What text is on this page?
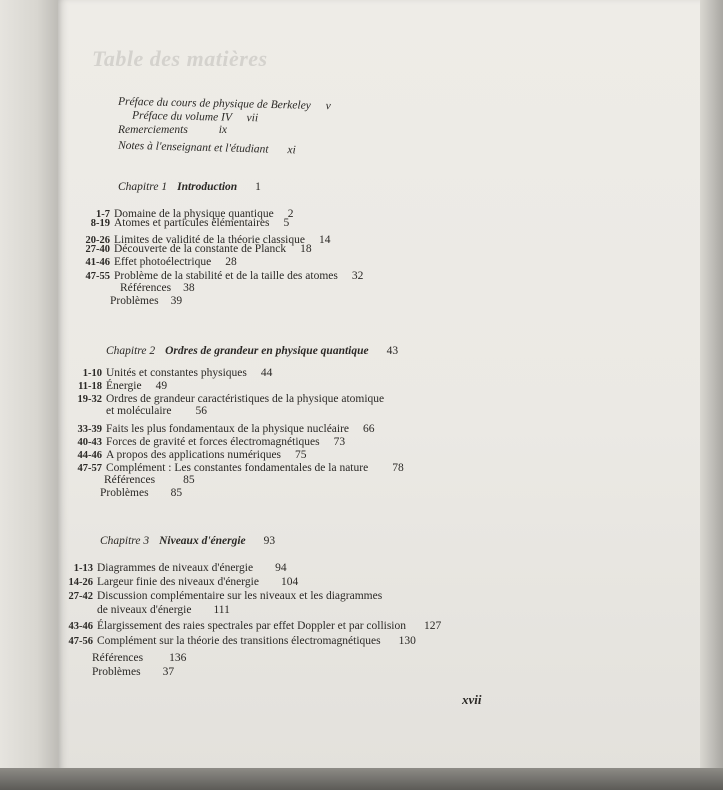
Table des matières
Préface du cours de physique de Berkeley v
Préface du volume IV vii
Remerciements	ix
Notes à l'enseignant et l'étudiant xi
Chapitre 1 Introduction 1
1-7 Domaine de la physique quantique 2
8-19 Atomes et particules élémentaires 5
20-26 Limites de validité de la théorie classique 14
27-40 Découverte de la constante de Planck 18
41-46 Effet photoélectrique 28
47-55 Problème de la stabilité et de la taille des atomes 32
Références 38
Problèmes 39
Chapitre 2 Ordres de grandeur en physique quantique 43
1-10 Unités et constantes physiques 44
11-18 Énergie 49
19-32 Ordres de grandeur caractéristiques de la physique atomique
et moléculaire 56
33-39 Faits les plus fondamentaux de la physique nucléaire 66
40-43 Forces de gravité et forces électromagnétiques 73
44-46 A propos des applications numériques 75
47-57 Complément : Les constantes fondamentales de la nature 78
Références 85
Problèmes 85
Chapitre 3 Niveaux d'énergie 93
1-13 Diagrammes de niveaux d'énergie 94
14-26 Largeur finie des niveaux d'énergie 104
27-42 Discussion complémentaire sur les niveaux et les diagrammes
de niveaux d'énergie 111
43-46 Élargissement des raies spectrales par effet Doppler et par collision 127
47-56 Complément sur la théorie des transitions électromagnétiques 130
Références 136
Problèmes 37
xvii
